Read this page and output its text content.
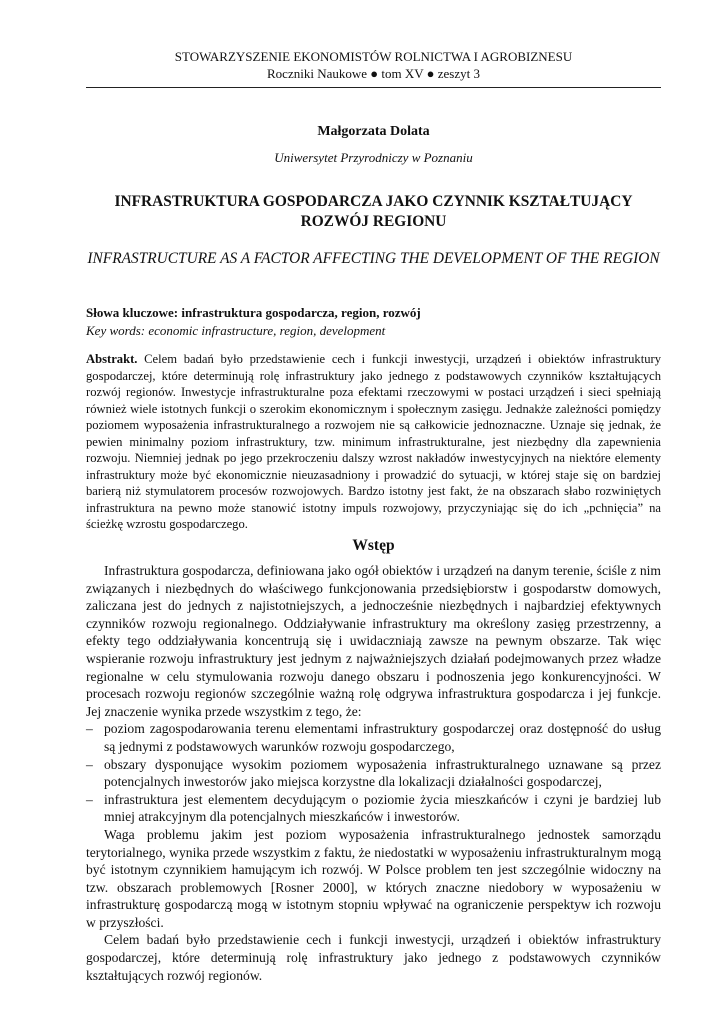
STOWARZYSZENIE EKONOMISTÓW ROLNICTWA I AGROBIZNESU
Roczniki Naukowe ● tom XV ● zeszyt 3
Małgorzata Dolata
Uniwersytet Przyrodniczy w Poznaniu
INFRASTRUKTURA GOSPODARCZA JAKO CZYNNIK KSZTAŁTUJĄCY ROZWÓJ REGIONU
INFRASTRUCTURE AS A FACTOR AFFECTING THE DEVELOPMENT OF THE REGION
Słowa kluczowe: infrastruktura gospodarcza, region, rozwój
Key words: economic infrastructure, region, development
Abstrakt. Celem badań było przedstawienie cech i funkcji inwestycji, urządzeń i obiektów infrastruktury gospodarczej, które determinują rolę infrastruktury jako jednego z podstawowych czynników kształtujących rozwój regionów. Inwestycje infrastrukturalne poza efektami rzeczowymi w postaci urządzeń i sieci spełniają również wiele istotnych funkcji o szerokim ekonomicznym i społecznym zasięgu. Jednakże zależności pomiędzy poziomem wyposażenia infrastrukturalnego a rozwojem nie są całkowicie jednoznaczne. Uznaje się jednak, że pewien minimalny poziom infrastruktury, tzw. minimum infrastrukturalne, jest niezbędny dla zapewnienia rozwoju. Niemniej jednak po jego przekroczeniu dalszy wzrost nakładów inwestycyjnych na niektóre elementy infrastruktury może być ekonomicznie nieuzasadniony i prowadzić do sytuacji, w której staje się on bardziej barierą niż stymulatorem procesów rozwojowych. Bardzo istotny jest fakt, że na obszarach słabo rozwiniętych infrastruktura na pewno może stanowić istotny impuls rozwojowy, przyczyniając się do ich „pchnięcia” na ścieżkę wzrostu gospodarczego.
Wstęp

Infrastruktura gospodarcza, definiowana jako ogół obiektów i urządzeń na danym terenie, ściśle z nim związanych i niezbędnych do właściwego funkcjonowania przedsiębiorstw i gospodarstw domowych, zaliczana jest do jednych z najistotniejszych, a jednocześnie niezbędnych i najbardziej efektywnych czynników rozwoju regionalnego. Oddziaływanie infrastruktury ma określony zasięg przestrzenny, a efekty tego oddziaływania koncentrują się i uwidaczniają zawsze na pewnym obszarze. Tak więc wspieranie rozwoju infrastruktury jest jednym z najważniejszych działań podejmowanych przez władze regionalne w celu stymulowania rozwoju danego obszaru i podnoszenia jego konkurencyjności. W procesach rozwoju regionów szczególnie ważną rolę odgrywa infrastruktura gospodarcza i jej funkcje. Jej znaczenie wynika przede wszystkim z tego, że:

– poziom zagospodarowania terenu elementami infrastruktury gospodarczej oraz dostępność do usług są jednymi z podstawowych warunków rozwoju gospodarczego,
– obszary dysponujące wysokim poziomem wyposażenia infrastrukturalnego uznawane są przez potencjalnych inwestorów jako miejsca korzystne dla lokalizacji działalności gospodarczej,
– infrastruktura jest elementem decydującym o poziomie życia mieszkańców i czyni je bardziej lub mniej atrakcyjnym dla potencjalnych mieszkańców i inwestorów.

Waga problemu jakim jest poziom wyposażenia infrastrukturalnego jednostek samorządu terytorialnego, wynika przede wszystkim z faktu, że niedostatki w wyposażeniu infrastrukturalnym mogą być istotnym czynnikiem hamującym ich rozwój. W Polsce problem ten jest szczególnie widoczny na tzw. obszarach problemowych [Rosner 2000], w których znaczne niedobory w wyposażeniu w infrastrukturę gospodarczą mogą w istotnym stopniu wpływać na ograniczenie perspektyw ich rozwoju w przyszłości.

Celem badań było przedstawienie cech i funkcji inwestycji, urządzeń i obiektów infrastruktury gospodarczej, które determinują rolę infrastruktury jako jednego z podstawowych czynników kształtujących rozwój regionów.
